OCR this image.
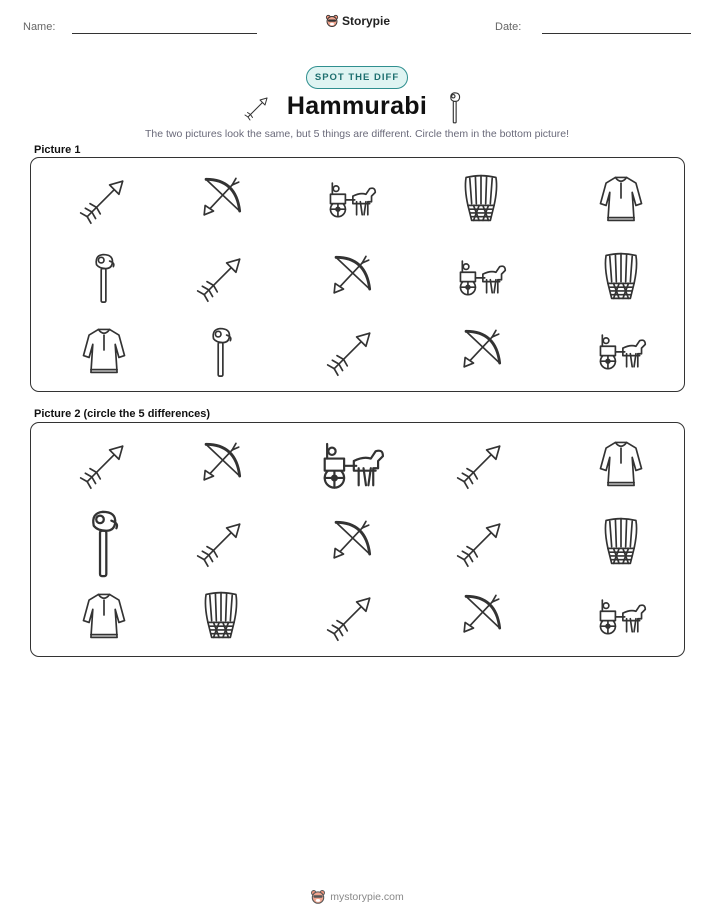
Name:	Storypie	Date:
SPOT THE DIFF
Hammurabi
The two pictures look the same, but 5 things are different. Circle them in the bottom picture!
Picture 1
Picture 2 (circle the 5 differences)
mystorypie.com
